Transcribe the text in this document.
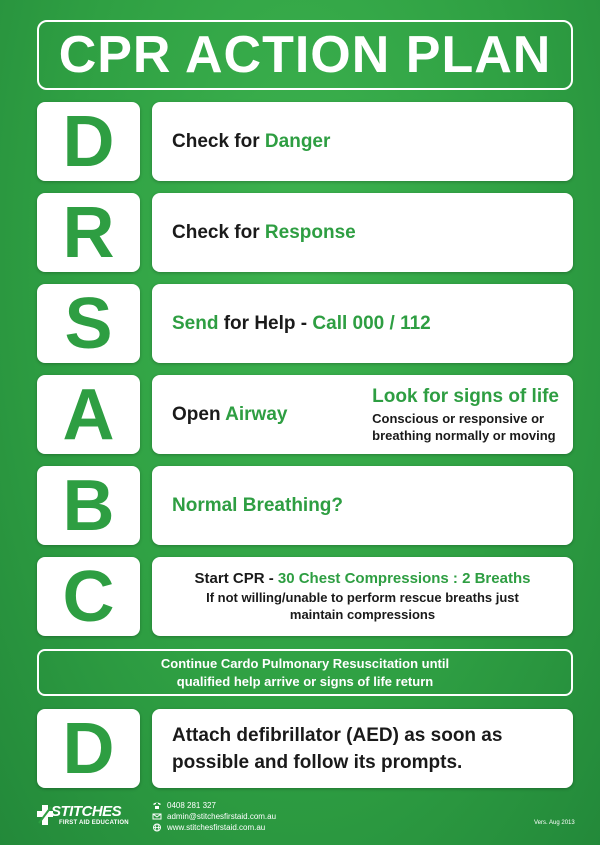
CPR ACTION PLAN
D	Check for Danger
R	Check for Response
S	Send for Help - Call 000 / 112
A	Open Airway
Look for signs of life
Conscious or responsive or
breathing normally or moving
B	Normal Breathing?
C	Start CPR - 30 Chest Compressions : 2 Breaths
If not willing/unable to perform rescue breaths just
maintain compressions
Continue Cardo Pulmonary Resuscitation until
qualified help arrive or signs of life return
D	Attach defibrillator (AED) as soon as
possible and follow its prompts.
STITCHES
FIRST AID EDUCATION
0408 281 327
admin@stitchesfirstaid.com.au
www.stitchesfirstaid.com.au	Vers. Aug 2013
